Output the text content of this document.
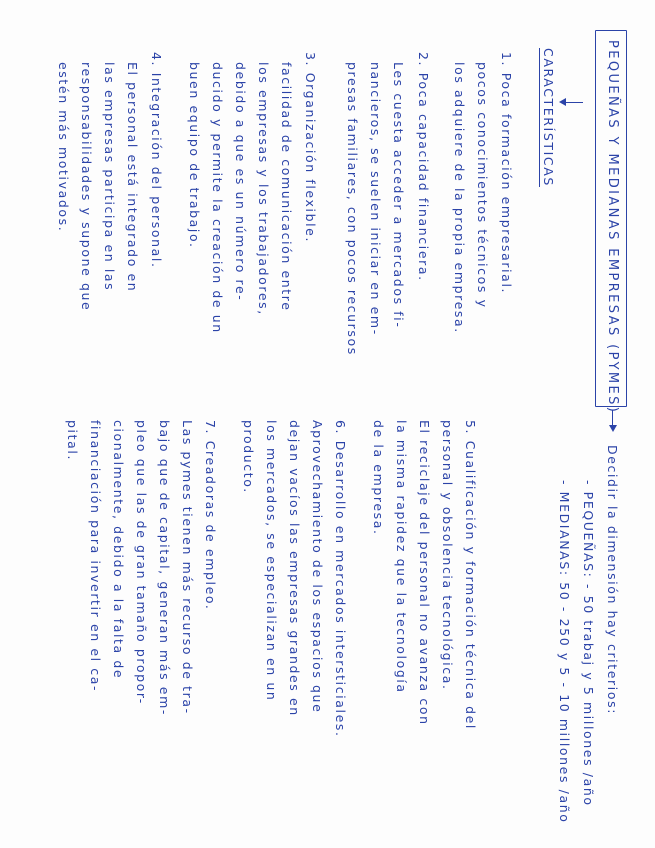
PEQUEÑAS Y MEDIANAS EMPRESAS (PYMES)
Decidir la dimensión hay criterios:
- PEQUEÑAS: - 50 trabaj y 5 millones /año
- MEDIANAS: 50 - 250 y 5 - 10 millones /año
CARACTERÍSTICAS
1. Poca formación empresarial.
pocos conocimientos técnicos y
los adquiere de la propia empresa.
2. Poca capacidad financiera.
Les cuesta acceder a mercados fi-
nancieros, se suelen iniciar en em-
presas familiares, con pocos recursos
3. Organización flexible.
facilidad de comunicación entre
los empresas y los trabajadores,
debido a que es un número re-
ducido y permite la creación de un
buen equipo de trabajo.
4. Integración del personal.
El personal está integrado en
las empresas participa en las
responsabilidades y supone que
estén más motivados.
5. Cualificación y formación técnica del
personal y obsolencia tecnológica.
El reciclaje del personal no avanza con
la misma rapidez que la tecnología
de la empresa.
6. Desarrollo en mercados intersticiales.
Aprovechamiento de los espacios que
dejan vacíos las empresas grandes en
los mercados, se especializan en un
producto.
7. Creadoras de empleo.
Las pymes tienen más recurso de tra-
bajo que de capital, generan más em-
pleo que las de gran tamaño propor-
cionalmente, debido a la falta de
financiación para invertir en el ca-
pital.
